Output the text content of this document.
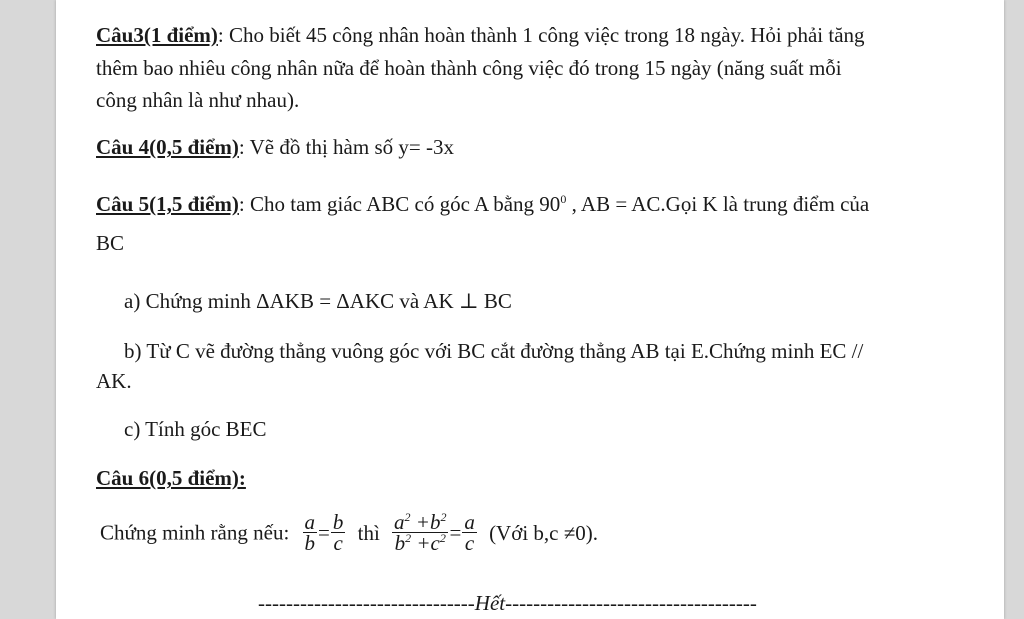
Câu3(1 điểm): Cho biết 45 công nhân hoàn thành 1 công việc trong 18 ngày. Hỏi phải tăng
thêm bao nhiêu công nhân nữa để hoàn thành công việc đó trong 15 ngày (năng suất mỗi
công nhân là như nhau).
Câu 4(0,5 điểm): Vẽ đồ thị hàm số y= -3x
Câu 5(1,5 điểm): Cho tam giác ABC có góc A bằng $90^0$ , AB = AC.Gọi K là trung điểm của
BC
a) Chứng minh ΔAKB = ΔAKC và AK ⊥ BC
b) Từ C vẽ đường thẳng vuông góc với BC cắt đường thẳng AB tại E.Chứng minh EC //
AK.
c) Tính góc BEC
Câu 6(0,5 điểm):
Chứng minh rằng nếu: $\frac{a}{b} = \frac{b}{c}$ thì $\frac{a^2 +b^2}{b^2 +c^2} = \frac{a}{c}$ (Với b,c ≠0).
-------------------------------Hết------------------------------------
